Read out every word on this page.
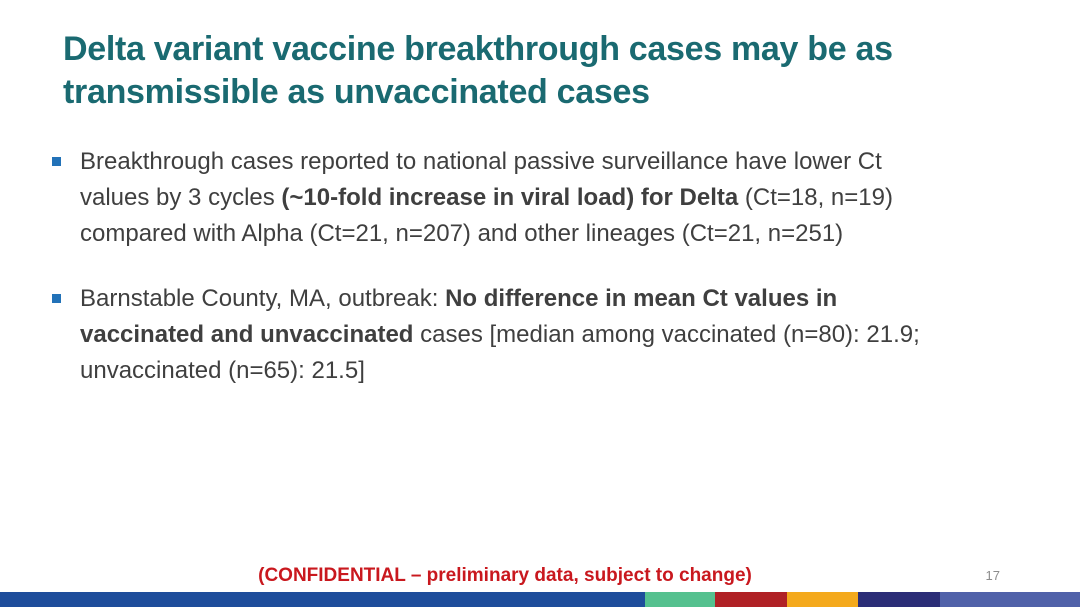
Delta variant vaccine breakthrough cases may be as
transmissible as unvaccinated cases
Breakthrough cases reported to national passive surveillance have lower Ct
values by 3 cycles (~10-fold increase in viral load) for Delta (Ct=18, n=19)
compared with Alpha (Ct=21, n=207) and other lineages (Ct=21, n=251)
Barnstable County, MA, outbreak: No difference in mean Ct values in
vaccinated and unvaccinated cases [median among vaccinated (n=80): 21.9;
unvaccinated (n=65): 21.5]
(CONFIDENTIAL – preliminary data, subject to change)	17
